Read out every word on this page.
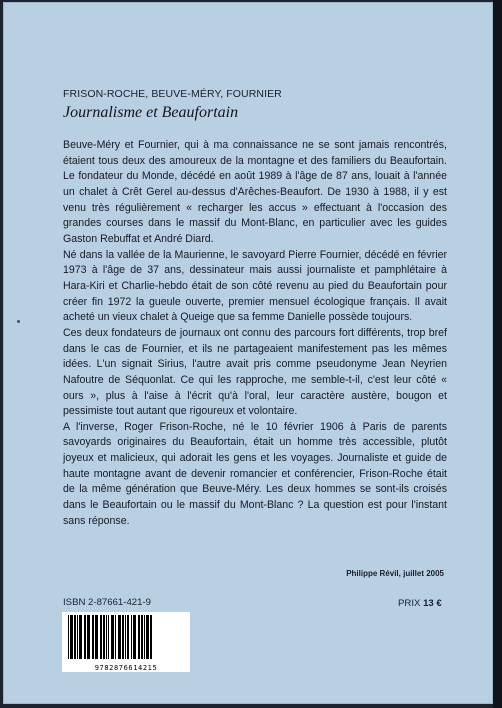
FRISON-ROCHE, BEUVE-MÉRY, FOURNIER
Journalisme et Beaufortain

Beuve-Méry et Fournier, qui à ma connaissance ne se sont jamais rencontrés, étaient tous deux des amoureux de la montagne et des familiers du Beaufortain. Le fondateur du Monde, décédé en août 1989 à l'âge de 87 ans, louait à l'année un chalet à Crêt Gerel au-dessus d'Arêches-Beaufort. De 1930 à 1988, il y est venu très régulièrement « recharger les accus » effectuant à l'occasion des grandes courses dans le massif du Mont-Blanc, en particulier avec les guides Gaston Rebuffat et André Diard.

Né dans la vallée de la Maurienne, le savoyard Pierre Fournier, décédé en février 1973 à l'âge de 37 ans, dessinateur mais aussi journaliste et pamphlétaire à Hara-Kiri et Charlie-hebdo était de son côté revenu au pied du Beaufortain pour créer fin 1972 la gueule ouverte, premier mensuel écologique français. Il avait acheté un vieux chalet à Queige que sa femme Danielle possède toujours.

Ces deux fondateurs de journaux ont connu des parcours fort différents, trop bref dans le cas de Fournier, et ils ne partageaient manifestement pas les mêmes idées. L'un signait Sirius, l'autre avait pris comme pseudonyme Jean Neyrien Nafoutre de Séquonlat. Ce qui les rapproche, me semble-t-il, c'est leur côté « ours », plus à l'aise à l'écrit qu'à l'oral, leur caractère austère, bougon et pessimiste tout autant que rigoureux et volontaire.

A l'inverse, Roger Frison-Roche, né le 10 février 1906 à Paris de parents savoyards originaires du Beaufortain, était un homme très accessible, plutôt joyeux et malicieux, qui adorait les gens et les voyages. Journaliste et guide de haute montagne avant de devenir romancier et conférencier, Frison-Roche était de la même génération que Beuve-Méry. Les deux hommes se sont-ils croisés dans le Beaufortain ou le massif du Mont-Blanc ? La question est pour l'instant sans réponse.

Philippe Révil, juillet 2005
ISBN 2-87661-421-9	PRIX 13 €
9782876614215
